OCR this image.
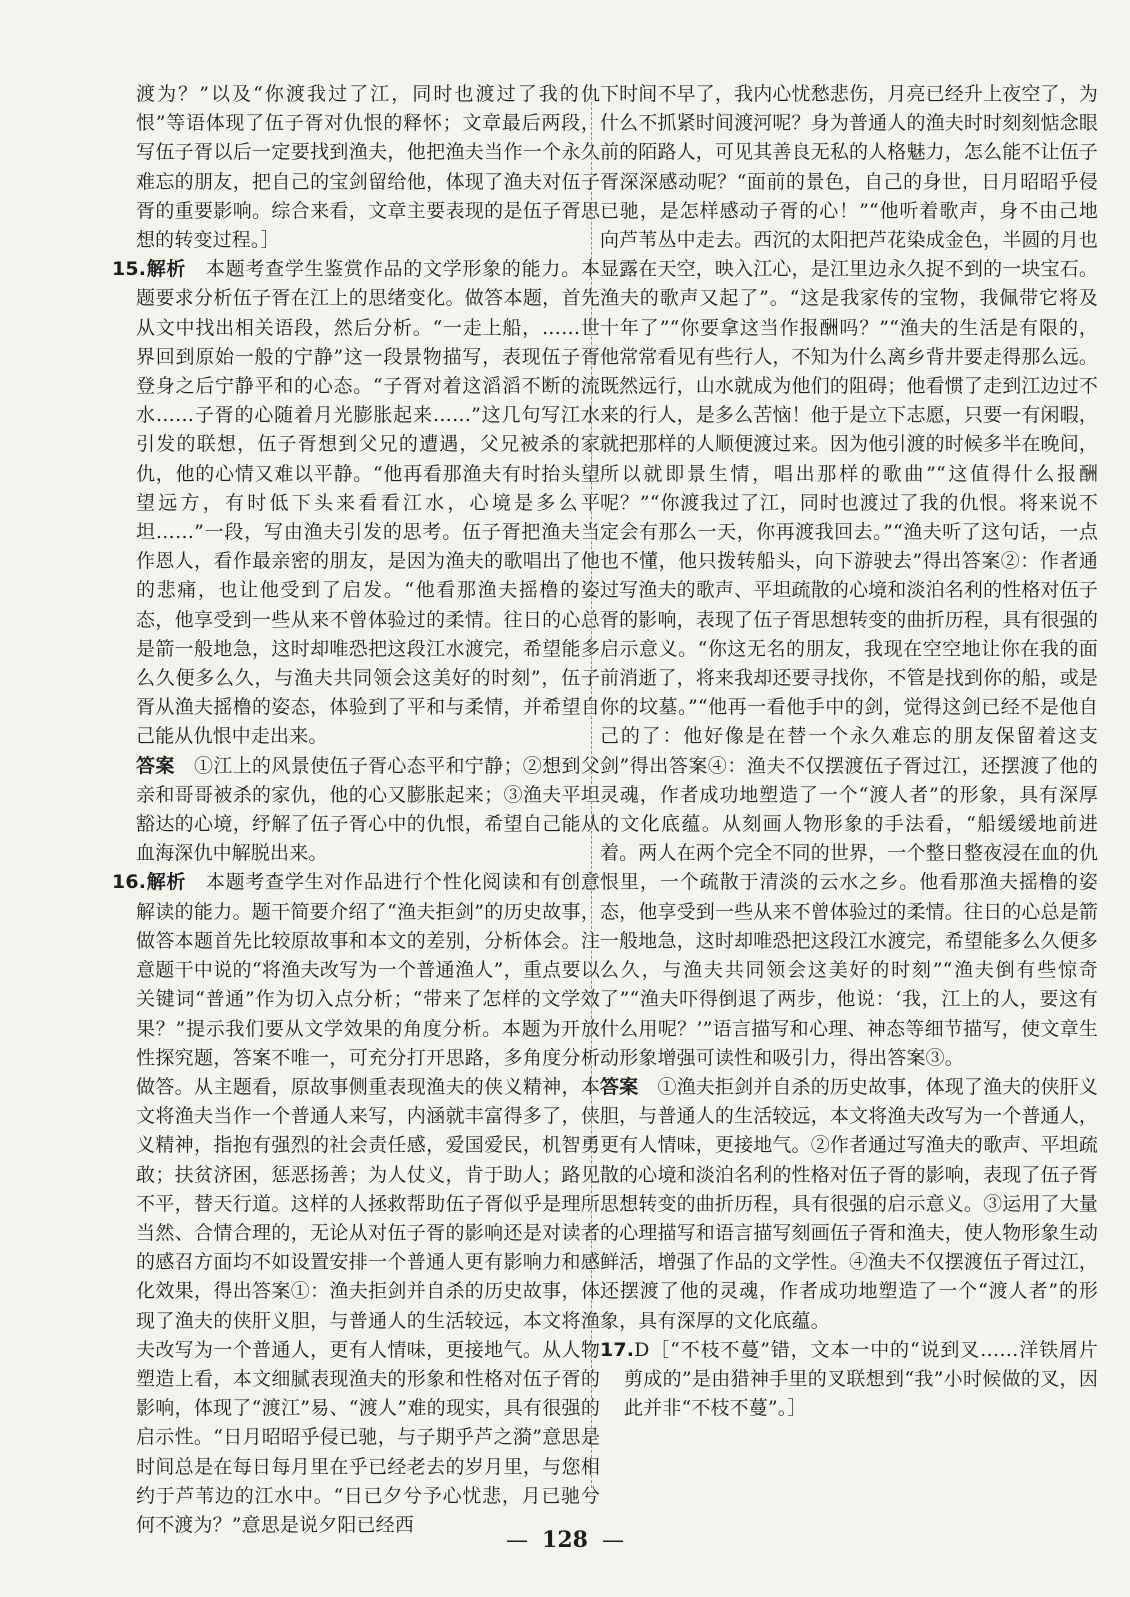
渡为？”以及“你渡我过了江，同时也渡过了我的仇恨”等语体现了伍子胥对仇恨的释怀；文章最后两段，写伍子胥以后一定要找到渔夫，他把渔夫当作一个永久难忘的朋友，把自己的宝剑留给他，体现了渔夫对伍子胥的重要影响。综合来看，文章主要表现的是伍子胥思想的转变过程。］

15.解析　本题考查学生鉴赏作品的文学形象的能力。本题要求分析伍子胥在江上的思绪变化。做答本题，首先从文中找出相关语段，然后分析。“一走上船，……世界回到原始一般的宁静”这一段景物描写，表现伍子胥登身之后宁静平和的心态。“子胥对着这滔滔不断的流水……子胥的心随着月光膨胀起来……”这几句写江水引发的联想，伍子胥想到父兄的遭遇，父兄被杀的家仇，他的心情又难以平静。“他再看那渔夫有时抬头望望远方，有时低下头来看看江水，心境是多么平坦……”一段，写由渔夫引发的思考。伍子胥把渔夫当作恩人，看作最亲密的朋友，是因为渔夫的歌唱出了他的悲痛，也让他受到了启发。“他看那渔夫摇橹的姿态，他享受到一些从来不曾体验过的柔情。往日的心总是箭一般地急，这时却唯恐把这段江水渡完，希望能多么久便多么久，与渔夫共同领会这美好的时刻”，伍子胥从渔夫摇橹的姿态，体验到了平和与柔情，并希望自己能从仇恨中走出来。

答案　①江上的风景使伍子胥心态平和宁静；②想到父亲和哥哥被杀的家仇，他的心又膨胀起来；③渔夫平坦豁达的心境，纾解了伍子胥心中的仇恨，希望自己能从血海深仇中解脱出来。

16.解析　本题考查学生对作品进行个性化阅读和有创意解读的能力。题干简要介绍了“渔夫拒剑”的历史故事，做答本题首先比较原故事和本文的差别，分析体会。注意题干中说的“将渔夫改写为一个普通渔人”，重点要以关键词“普通”作为切入点分析；“带来了怎样的文学效果？”提示我们要从文学效果的角度分析。本题为开放性探究题，答案不唯一，可充分打开思路，多角度分析做答。从主题看，原故事侧重表现渔夫的侠义精神，本文将渔夫当作一个普通人来写，内涵就丰富得多了，侠义精神，指抱有强烈的社会责任感，爱国爱民，机智勇敢；扶贫济困，惩恶扬善；为人仗义，肯于助人；路见不平，替天行道。这样的人拯救帮助伍子胥似乎是理所当然、合情合理的，无论从对伍子胥的影响还是对读者的感召方面均不如设置安排一个普通人更有影响力和感化效果，得出答案①：渔夫拒剑并自杀的历史故事，体现了渔夫的侠肝义胆，与普通人的生活较远，本文将渔夫改写为一个普通人，更有人情味，更接地气。从人物塑造上看，本文细腻表现渔夫的形象和性格对伍子胥的影响，体现了“渡江”易、“渡人”难的现实，具有很强的启示性。“日月昭昭乎侵已驰，与子期乎芦之漪”意思是时间总是在每日每月里在乎已经老去的岁月里，与您相约于芦苇边的江水中。“日已夕兮予心忧悲，月已驰兮何不渡为？”意思是说夕阳已经西

下时间不早了，我内心忧愁悲伤，月亮已经升上夜空了，为什么不抓紧时间渡河呢？身为普通人的渔夫时时刻刻惦念眼前的陌路人，可见其善良无私的人格魅力，怎么能不让伍子胥深深感动呢？“面前的景色，自己的身世，日月昭昭乎侵已驰，是怎样感动子胥的心！”“他听着歌声，身不由己地向芦苇丛中走去。西沉的太阳把芦花染成金色，半圆的月也显露在天空，映入江心，是江里边永久捉不到的一块宝石。渔夫的歌声又起了”。“这是我家传的宝物，我佩带它将及十年了”“你要拿这当作报酬吗？”“渔夫的生活是有限的，他常常看见有些行人，不知为什么离乡背井要走得那么远。既然远行，山水就成为他们的阻碍；他看惯了走到江边过不来的行人，是多么苦恼！他于是立下志愿，只要一有闲暇，就把那样的人顺便渡过来。因为他引渡的时候多半在晚间，所以就即景生情，唱出那样的歌曲”“这值得什么报酬呢？”“你渡我过了江，同时也渡过了我的仇恨。将来说不定会有那么一天，你再渡我回去。”“渔夫听了这句话，一点也不懂，他只拨转船头，向下游驶去”得出答案②：作者通过写渔夫的歌声、平坦疏散的心境和淡泊名利的性格对伍子胥的影响，表现了伍子胥思想转变的曲折历程，具有很强的启示意义。“你这无名的朋友，我现在空空地让你在我的面前消逝了，将来我却还要寻找你，不管是找到你的船，或是你的坟墓。”“他再一看他手中的剑，觉得这剑已经不是他自己的了：他好像是在替一个永久难忘的朋友保留着这支剑”得出答案④：渔夫不仅摆渡伍子胥过江，还摆渡了他的灵魂，作者成功地塑造了一个“渡人者”的形象，具有深厚的文化底蕴。从刻画人物形象的手法看，“船缓缓地前进着。两人在两个完全不同的世界，一个整日整夜浸在血的仇恨里，一个疏散于清淡的云水之乡。他看那渔夫摇橹的姿态，他享受到一些从来不曾体验过的柔情。往日的心总是箭一般地急，这时却唯恐把这段江水渡完，希望能多么久便多么久，与渔夫共同领会这美好的时刻”“渔夫倒有些惊奇了”“渔夫吓得倒退了两步，他说：‘我，江上的人，要这有什么用呢？’”语言描写和心理、神态等细节描写，使文章生动形象增强可读性和吸引力，得出答案③。

答案　①渔夫拒剑并自杀的历史故事，体现了渔夫的侠肝义胆，与普通人的生活较远，本文将渔夫改写为一个普通人，更有人情味，更接地气。②作者通过写渔夫的歌声、平坦疏散的心境和淡泊名利的性格对伍子胥的影响，表现了伍子胥思想转变的曲折历程，具有很强的启示意义。③运用了大量的心理描写和语言描写刻画伍子胥和渔夫，使人物形象生动鲜活，增强了作品的文学性。④渔夫不仅摆渡伍子胥过江，还摆渡了他的灵魂，作者成功地塑造了一个“渡人者”的形象，具有深厚的文化底蕴。

17.D［“不枝不蔓”错，文本一中的“说到叉……洋铁屑片剪成的”是由猎神手里的叉联想到“我”小时候做的叉，因此并非“不枝不蔓”。］

— 128 —
